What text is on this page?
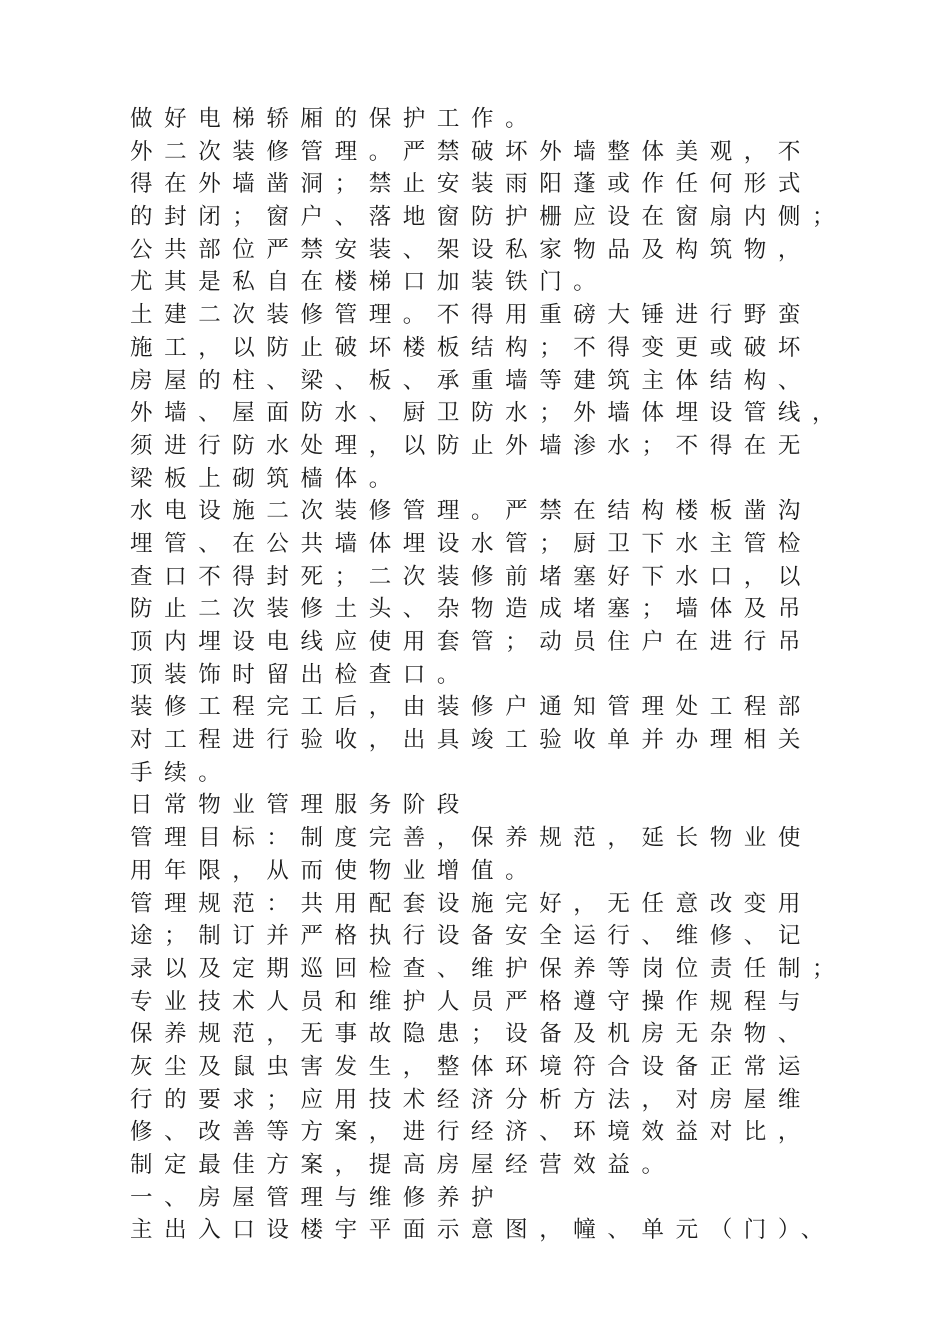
做好电梯轿厢的保护工作。
外二次装修管理。严禁破坏外墙整体美观，不
得在外墙凿洞；禁止安装雨阳蓬或作任何形式
的封闭；窗户、落地窗防护栅应设在窗扇内侧；
公共部位严禁安装、架设私家物品及构筑物，
尤其是私自在楼梯口加装铁门。
土建二次装修管理。不得用重磅大锤进行野蛮
施工，以防止破坏楼板结构；不得变更或破坏
房屋的柱、梁、板、承重墙等建筑主体结构、
外墙、屋面防水、厨卫防水；外墙体埋设管线，
须进行防水处理，以防止外墙渗水；不得在无
梁板上砌筑樯体。
水电设施二次装修管理。严禁在结构楼板凿沟
埋管、在公共墙体埋设水管；厨卫下水主管检
查口不得封死；二次装修前堵塞好下水口，以
防止二次装修土头、杂物造成堵塞；墙体及吊
顶内埋设电线应使用套管；动员住户在进行吊
顶装饰时留出检查口。
装修工程完工后，由装修户通知管理处工程部
对工程进行验收，出具竣工验收单并办理相关
手续。
日常物业管理服务阶段
管理目标：制度完善，保养规范，延长物业使
用年限，从而使物业增值。
管理规范：共用配套设施完好，无任意改变用
途；制订并严格执行设备安全运行、维修、记
录以及定期巡回检查、维护保养等岗位责任制；
专业技术人员和维护人员严格遵守操作规程与
保养规范，无事故隐患；设备及机房无杂物、
灰尘及鼠虫害发生，整体环境符合设备正常运
行的要求；应用技术经济分析方法，对房屋维
修、改善等方案，进行经济、环境效益对比，
制定最佳方案，提高房屋经营效益。
一、房屋管理与维修养护
主出入口设楼宇平面示意图，幢、单元（门）、
